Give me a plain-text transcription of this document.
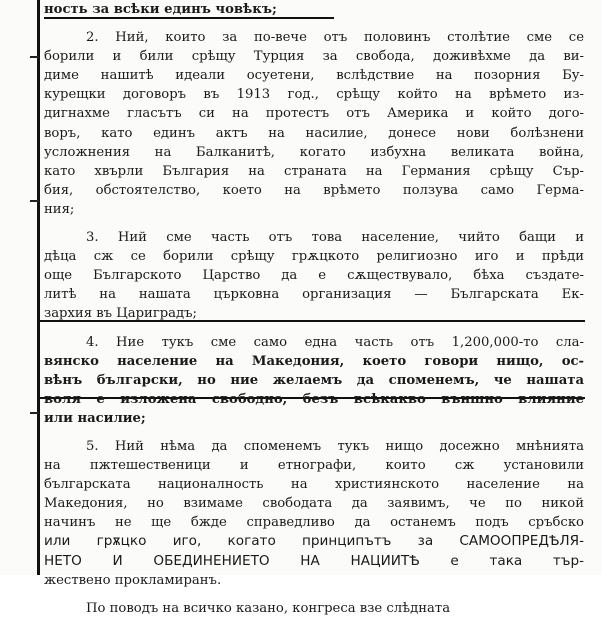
ность за всѣки единъ човѣкъ;
2. Ний, които за по-вече отъ половинъ столѣтие сме се
борили и били срѣщу Турция за свобода, доживѣхме да ви-
диме нашитѣ идеали осуетени, вслѣдствие на позорния Бу-
курещки договоръ въ 1913 год., срѣщу който на врѣмето из-
дигнахме гласътъ си на протестъ отъ Америка и който дого-
воръ, като единъ актъ на насилие, донесе нови болѣзнени
усложнения на Балканитѣ, когато избухна великата война,
като хвърли България на страната на Германия срѣщу Сър-
бия, обстоятелство, което на врѣмето ползува само Герма-
ния;
3. Ний сме часть отъ това население, чийто бащи и
дѣца сж се борили срѣщу грѫцкото религиозно иго и прѣди
още Българското Царство да е сѫществувало, бѣха създате-
литѣ на нашата църковна организация — Българската Ек-
зархия въ Цариградъ;
4. Ние тукъ сме само една часть отъ 1,200,000-то сла-
вянско население на Македония, което говори нищо, ос-
вѣнъ български, но ние желаемъ да споменемъ, че нашата
воля е изложена свободно, безъ всѣкакво външно влияние
или насилие;
5. Ний нѣма да споменемъ тукъ нищо досежно мнѣнията
на пжтешественици и етнографи, които сж установили
българската националность на християнското население на
Македония, но взимаме свободата да заявимъ, че по никой
начинъ не ще бжде справедливо да останемъ подъ сръбско
или грѫцко иго, когато принципътъ за САМООПРЕДѢЛЯ-
НЕТО И ОБЕДИНЕНИЕТО НА НАЦИИТѢ е така тър-
жествено прокламиранъ.
По поводъ на всичко казано, конгреса взе слѣдната
